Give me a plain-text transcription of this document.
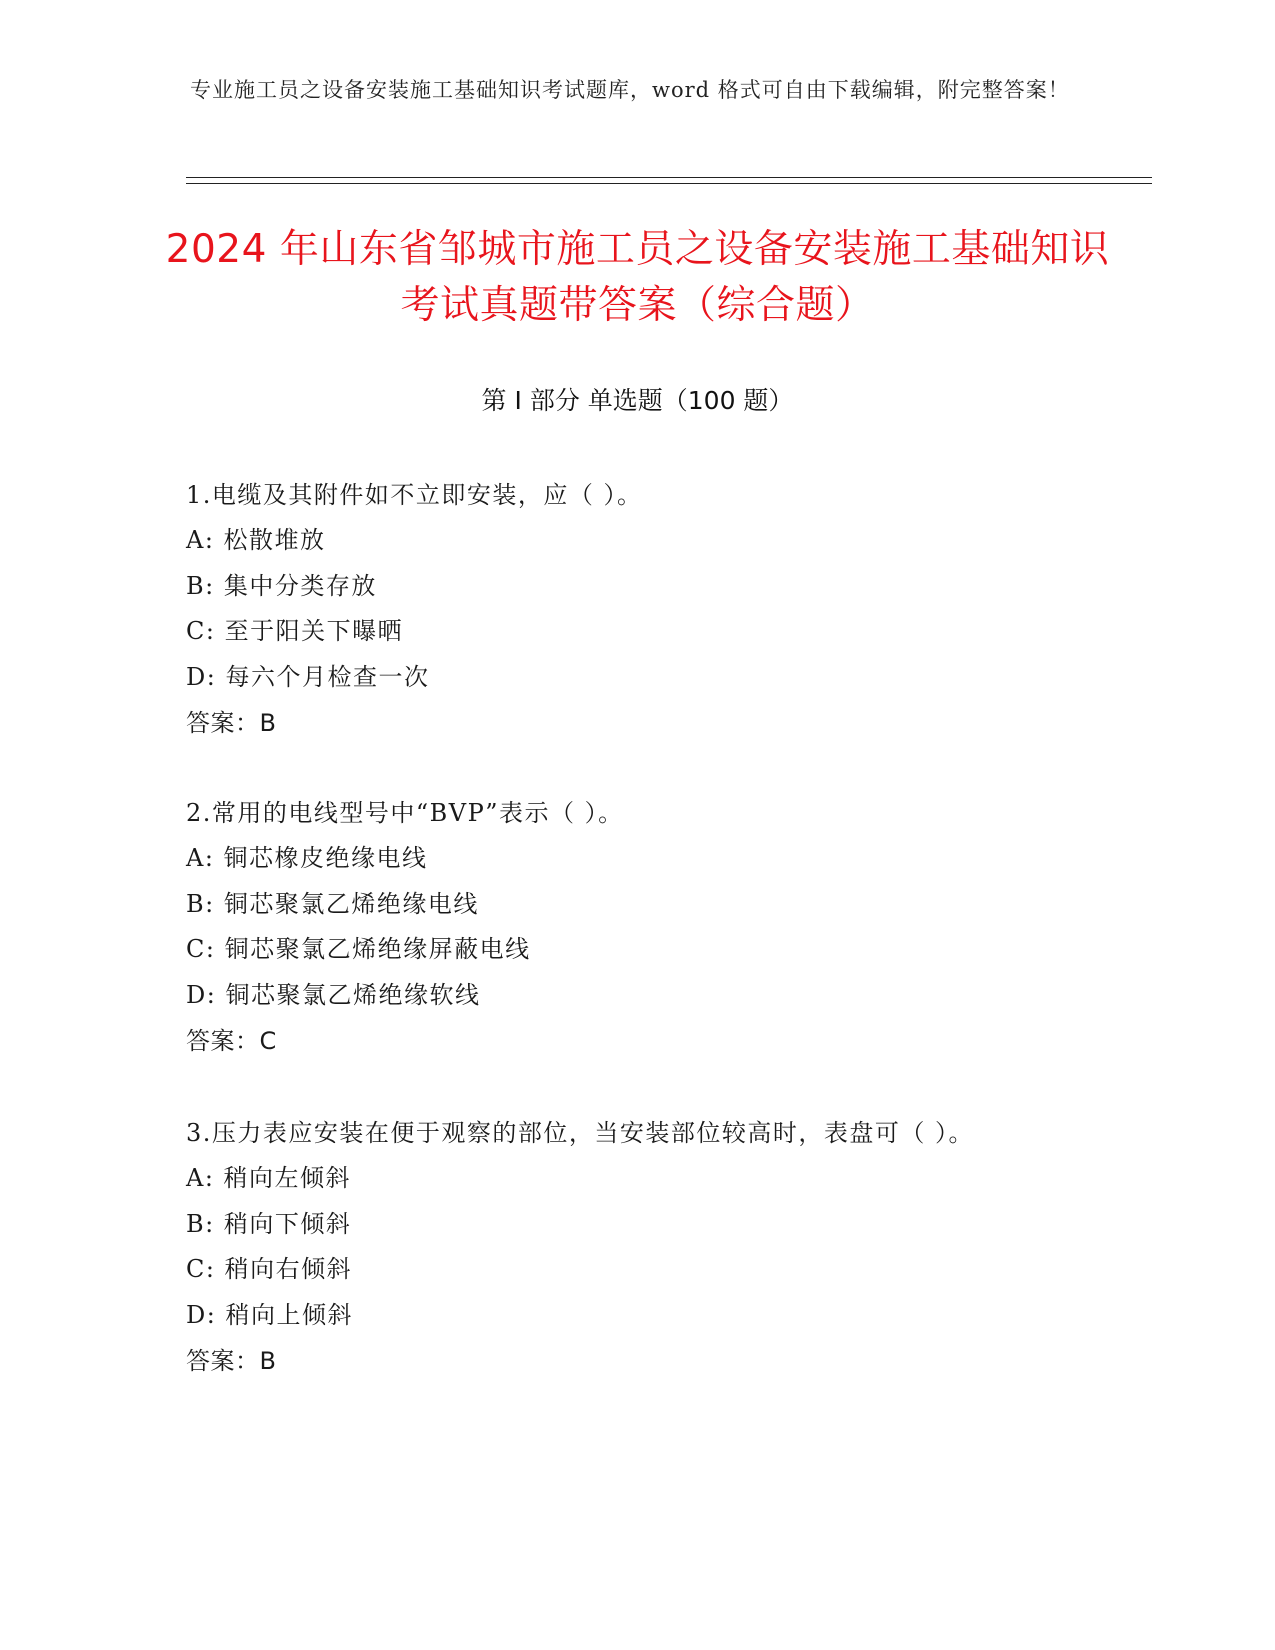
专业施工员之设备安装施工基础知识考试题库，word 格式可自由下载编辑，附完整答案！
2024 年山东省邹城市施工员之设备安装施工基础知识考试真题带答案（综合题）
第 I 部分 单选题（100 题）
1.电缆及其附件如不立即安装，应（ ）。
A: 松散堆放
B: 集中分类存放
C: 至于阳关下曝晒
D: 每六个月检查一次
答案：B
2.常用的电线型号中“BVP”表示（ ）。
A: 铜芯橡皮绝缘电线
B: 铜芯聚氯乙烯绝缘电线
C: 铜芯聚氯乙烯绝缘屏蔽电线
D: 铜芯聚氯乙烯绝缘软线
答案：C
3.压力表应安装在便于观察的部位，当安装部位较高时，表盘可（ ）。
A: 稍向左倾斜
B: 稍向下倾斜
C: 稍向右倾斜
D: 稍向上倾斜
答案：B
